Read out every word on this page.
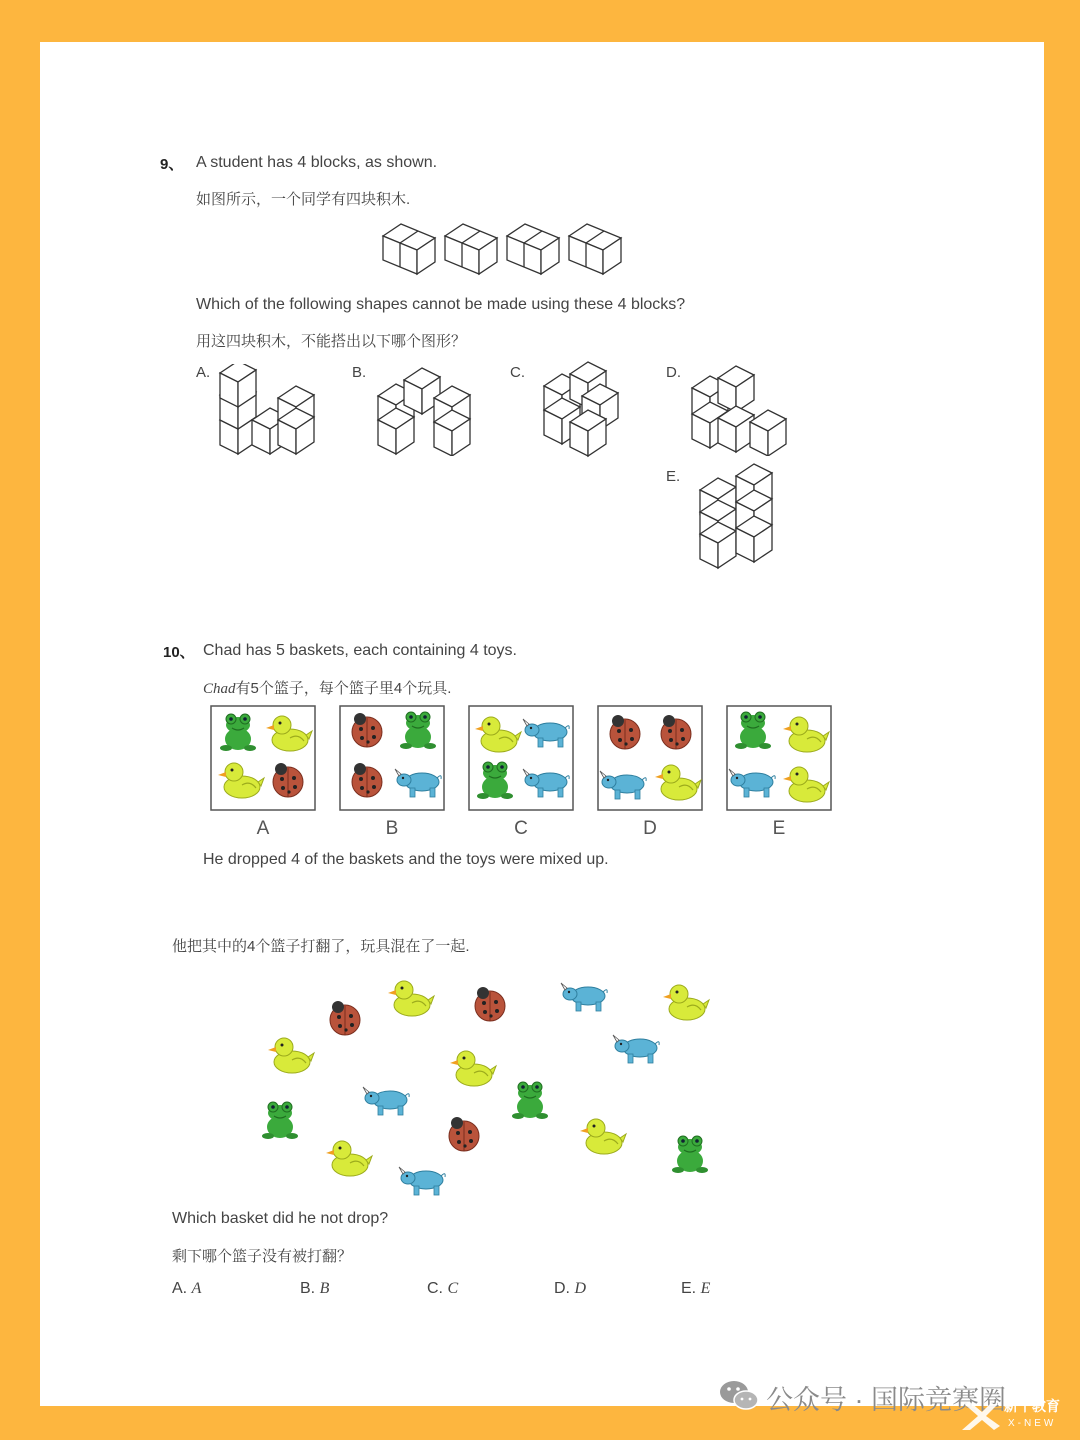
9、 A student has 4 blocks, as shown.
如图所示，一个同学有四块积木.
Which of the following shapes cannot be made using these 4 blocks?
用这四块积木，不能搭出以下哪个图形？
A.	B.	C.	D.
E.
10、 Chad has 5 baskets, each containing 4 toys.
Chad有5个篮子，每个篮子里4个玩具.
A	B	C	D	E
He dropped 4 of the baskets and the toys were mixed up.
他把其中的4个篮子打翻了，玩具混在了一起.
Which basket did he not drop?
剩下哪个篮子没有被打翻？
A. A	B. B	C. C	D. D	E. E
公众号 · 国际竞赛圈
新干教育
X-NEW
